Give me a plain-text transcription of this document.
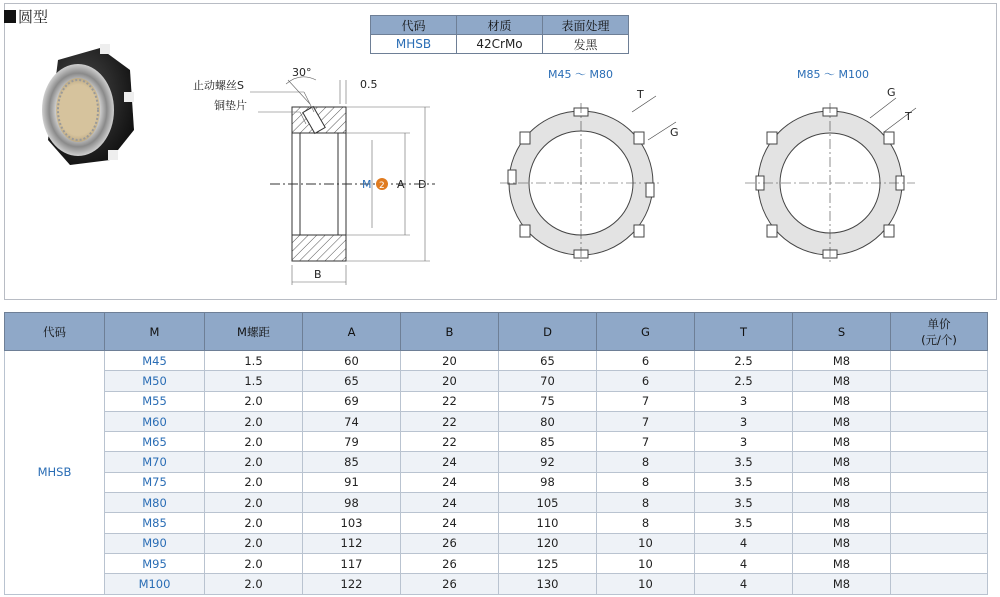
圆型	代码	材质	表面处理
MHSB	42CrMo	发黑
30°
0.5
止动螺丝S
铜垫片
M 2 A D
B
M45 ～ M80
T
G
M85 ～ M100
G
T
代码	M	M螺距	A	B	D	G	T	S	单价
(元/个)

MHSB	M45	1.5	60	20	65	6	2.5	M8	
	M50	1.5	65	20	70	6	2.5	M8	
	M55	2.0	69	22	75	7	3	M8	
	M60	2.0	74	22	80	7	3	M8	
	M65	2.0	79	22	85	7	3	M8	
	M70	2.0	85	24	92	8	3.5	M8	
	M75	2.0	91	24	98	8	3.5	M8	
	M80	2.0	98	24	105	8	3.5	M8	
	M85	2.0	103	24	110	8	3.5	M8	
	M90	2.0	112	26	120	10	4	M8	
	M95	2.0	117	26	125	10	4	M8	
	M100	2.0	122	26	130	10	4	M8	
